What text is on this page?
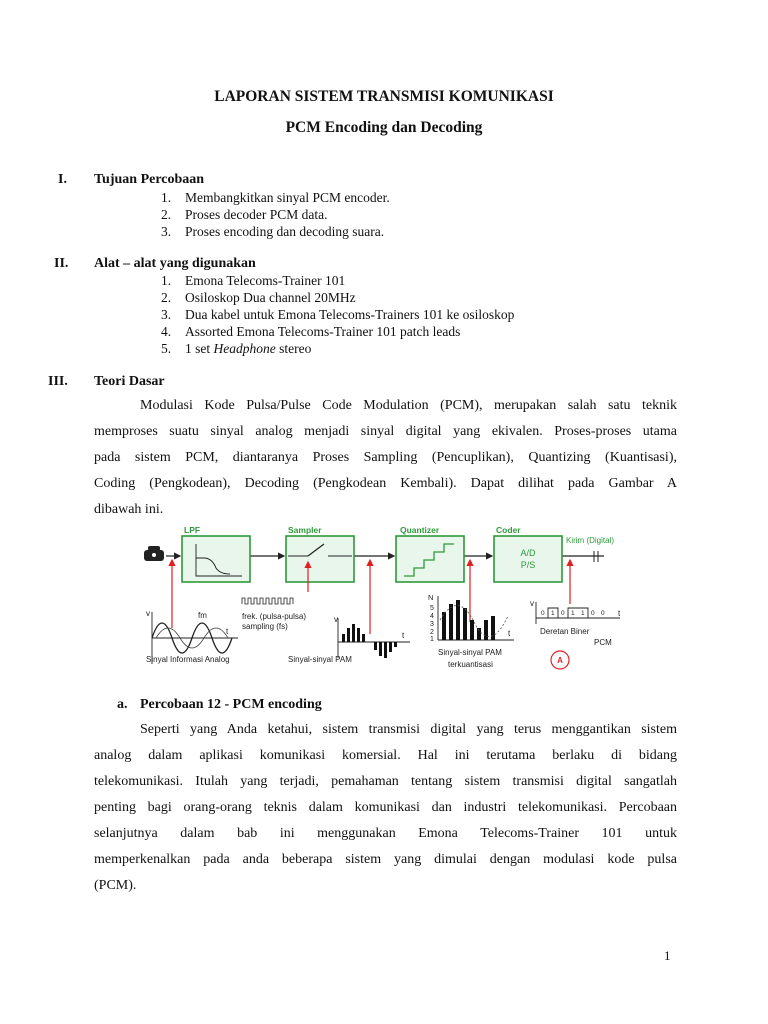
LAPORAN SISTEM TRANSMISI KOMUNIKASI
PCM Encoding dan Decoding
I. Tujuan Percobaan
1. Membangkitkan sinyal PCM encoder.
2. Proses decoder PCM data.
3. Proses encoding dan decoding suara.
II. Alat – alat yang digunakan
1. Emona Telecoms-Trainer 101
2. Osiloskop Dua channel 20MHz
3. Dua kabel untuk Emona Telecoms-Trainers 101 ke osiloskop
4. Assorted Emona Telecoms-Trainer 101 patch leads
5. 1 set Headphone stereo
III. Teori Dasar
Modulasi Kode Pulsa/Pulse Code Modulation (PCM), merupakan salah satu teknik
memproses suatu sinyal analog menjadi sinyal digital yang ekivalen. Proses-proses utama
pada sistem PCM, diantaranya Proses Sampling (Pencuplikan), Quantizing (Kuantisasi),
Coding (Pengkodean), Decoding (Pengkodean Kembali). Dapat dilihat pada Gambar A
dibawah ini.
LPF	Sampler	Quantizer	Coder
A/D
P/S
Kirim (Digital)
frek. (pulsa-pulsa)
sampling (fs)
v
t
fm
Sinyal Informasi Analog
v
t
Sinyal-sinyal PAM
N
5
4
3
2
1
t
Sinyal-sinyal PAM
terkuantisasi
v
t
0 1 0 1 1 0 0
Deretan Biner
PCM
A
a. Percobaan 12 - PCM encoding
Seperti yang Anda ketahui, sistem transmisi digital yang terus menggantikan sistem
analog dalam aplikasi komunikasi komersial. Hal ini terutama berlaku di bidang
telekomunikasi. Itulah yang terjadi, pemahaman tentang sistem transmisi digital sangatlah
penting bagi orang-orang teknis dalam komunikasi dan industri telekomunikasi. Percobaan
selanjutnya dalam bab ini menggunakan Emona Telecoms-Trainer 101 untuk
memperkenalkan pada anda beberapa sistem yang dimulai dengan modulasi kode pulsa
(PCM).
1
